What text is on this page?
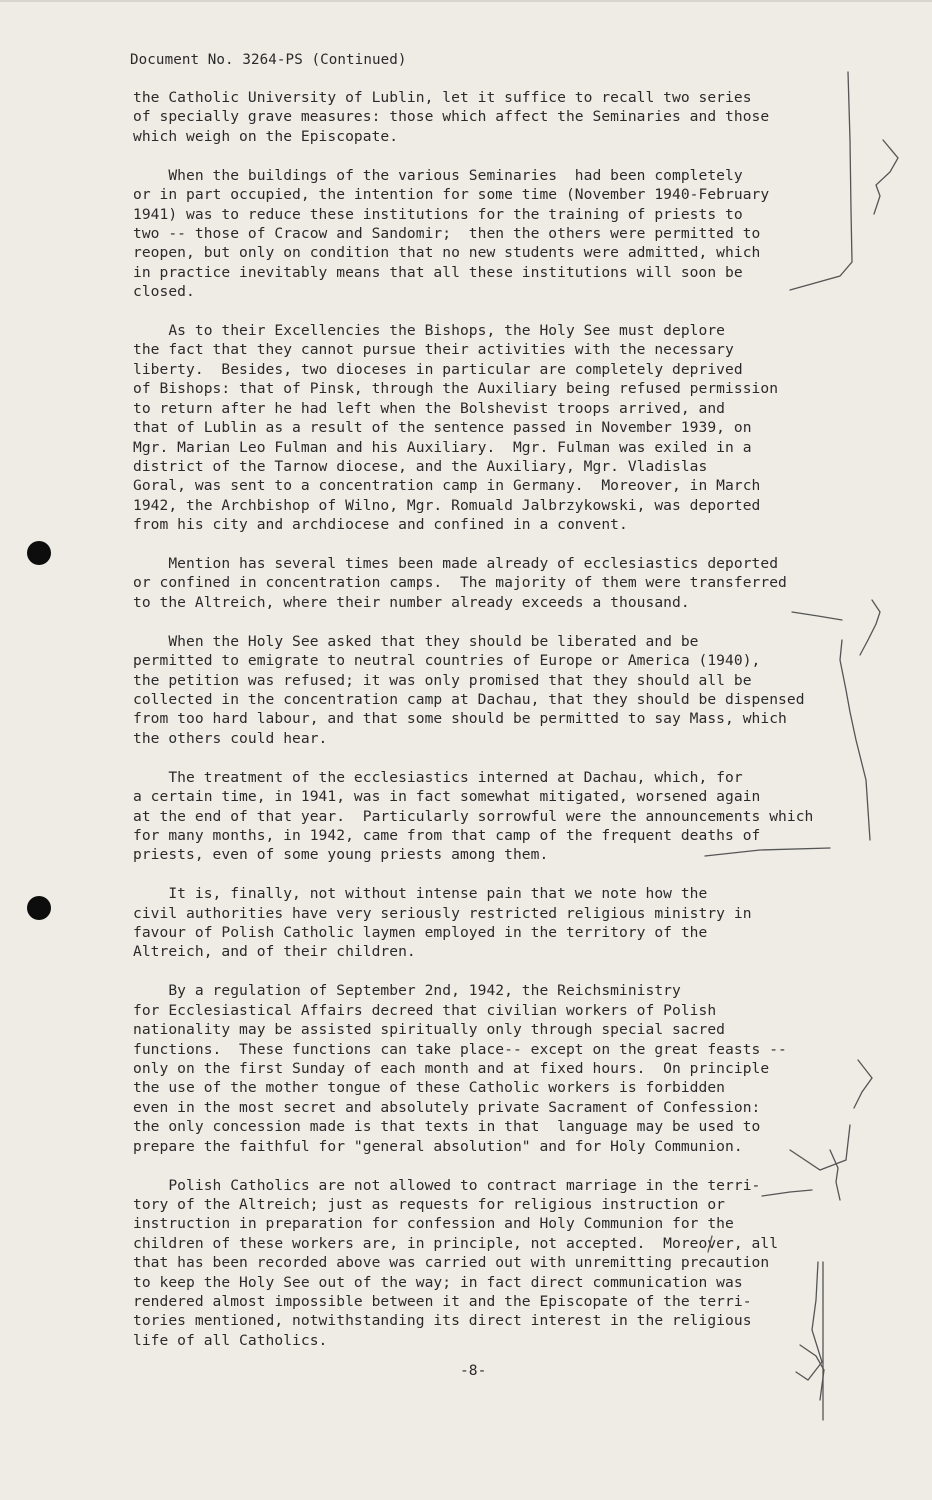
Document No. 3264-PS (Continued)
the Catholic University of Lublin, let it suffice to recall two series
of specially grave measures: those which affect the Seminaries and those
which weigh on the Episcopate.
When the buildings of the various Seminaries  had been completely
or in part occupied, the intention for some time (November 1940-February
1941) was to reduce these institutions for the training of priests to
two -- those of Cracow and Sandomir;  then the others were permitted to
reopen, but only on condition that no new students were admitted, which
in practice inevitably means that all these institutions will soon be
closed.
As to their Excellencies the Bishops, the Holy See must deplore
the fact that they cannot pursue their activities with the necessary
liberty.  Besides, two dioceses in particular are completely deprived
of Bishops: that of Pinsk, through the Auxiliary being refused permission
to return after he had left when the Bolshevist troops arrived, and
that of Lublin as a result of the sentence passed in November 1939, on
Mgr. Marian Leo Fulman and his Auxiliary.  Mgr. Fulman was exiled in a
district of the Tarnow diocese, and the Auxiliary, Mgr. Vladislas
Goral, was sent to a concentration camp in Germany.  Moreover, in March
1942, the Archbishop of Wilno, Mgr. Romuald Jalbrzykowski, was deported
from his city and archdiocese and confined in a convent.
Mention has several times been made already of ecclesiastics deported
or confined in concentration camps.  The majority of them were transferred
to the Altreich, where their number already exceeds a thousand.
When the Holy See asked that they should be liberated and be
permitted to emigrate to neutral countries of Europe or America (1940),
the petition was refused; it was only promised that they should all be
collected in the concentration camp at Dachau, that they should be dispensed
from too hard labour, and that some should be permitted to say Mass, which
the others could hear.
The treatment of the ecclesiastics interned at Dachau, which, for
a certain time, in 1941, was in fact somewhat mitigated, worsened again
at the end of that year.  Particularly sorrowful were the announcements which
for many months, in 1942, came from that camp of the frequent deaths of
priests, even of some young priests among them.
It is, finally, not without intense pain that we note how the
civil authorities have very seriously restricted religious ministry in
favour of Polish Catholic laymen employed in the territory of the
Altreich, and of their children.
By a regulation of September 2nd, 1942, the Reichsministry
for Ecclesiastical Affairs decreed that civilian workers of Polish
nationality may be assisted spiritually only through special sacred
functions.  These functions can take place-- except on the great feasts --
only on the first Sunday of each month and at fixed hours.  On principle
the use of the mother tongue of these Catholic workers is forbidden
even in the most secret and absolutely private Sacrament of Confession:
the only concession made is that texts in that  language may be used to
prepare the faithful for "general absolution" and for Holy Communion.
Polish Catholics are not allowed to contract marriage in the terri-
tory of the Altreich; just as requests for religious instruction or
instruction in preparation for confession and Holy Communion for the
children of these workers are, in principle, not accepted.  Moreover, all
that has been recorded above was carried out with unremitting precaution
to keep the Holy See out of the way; in fact direct communication was
rendered almost impossible between it and the Episcopate of the terri-
tories mentioned, notwithstanding its direct interest in the religious
life of all Catholics.
-8-
